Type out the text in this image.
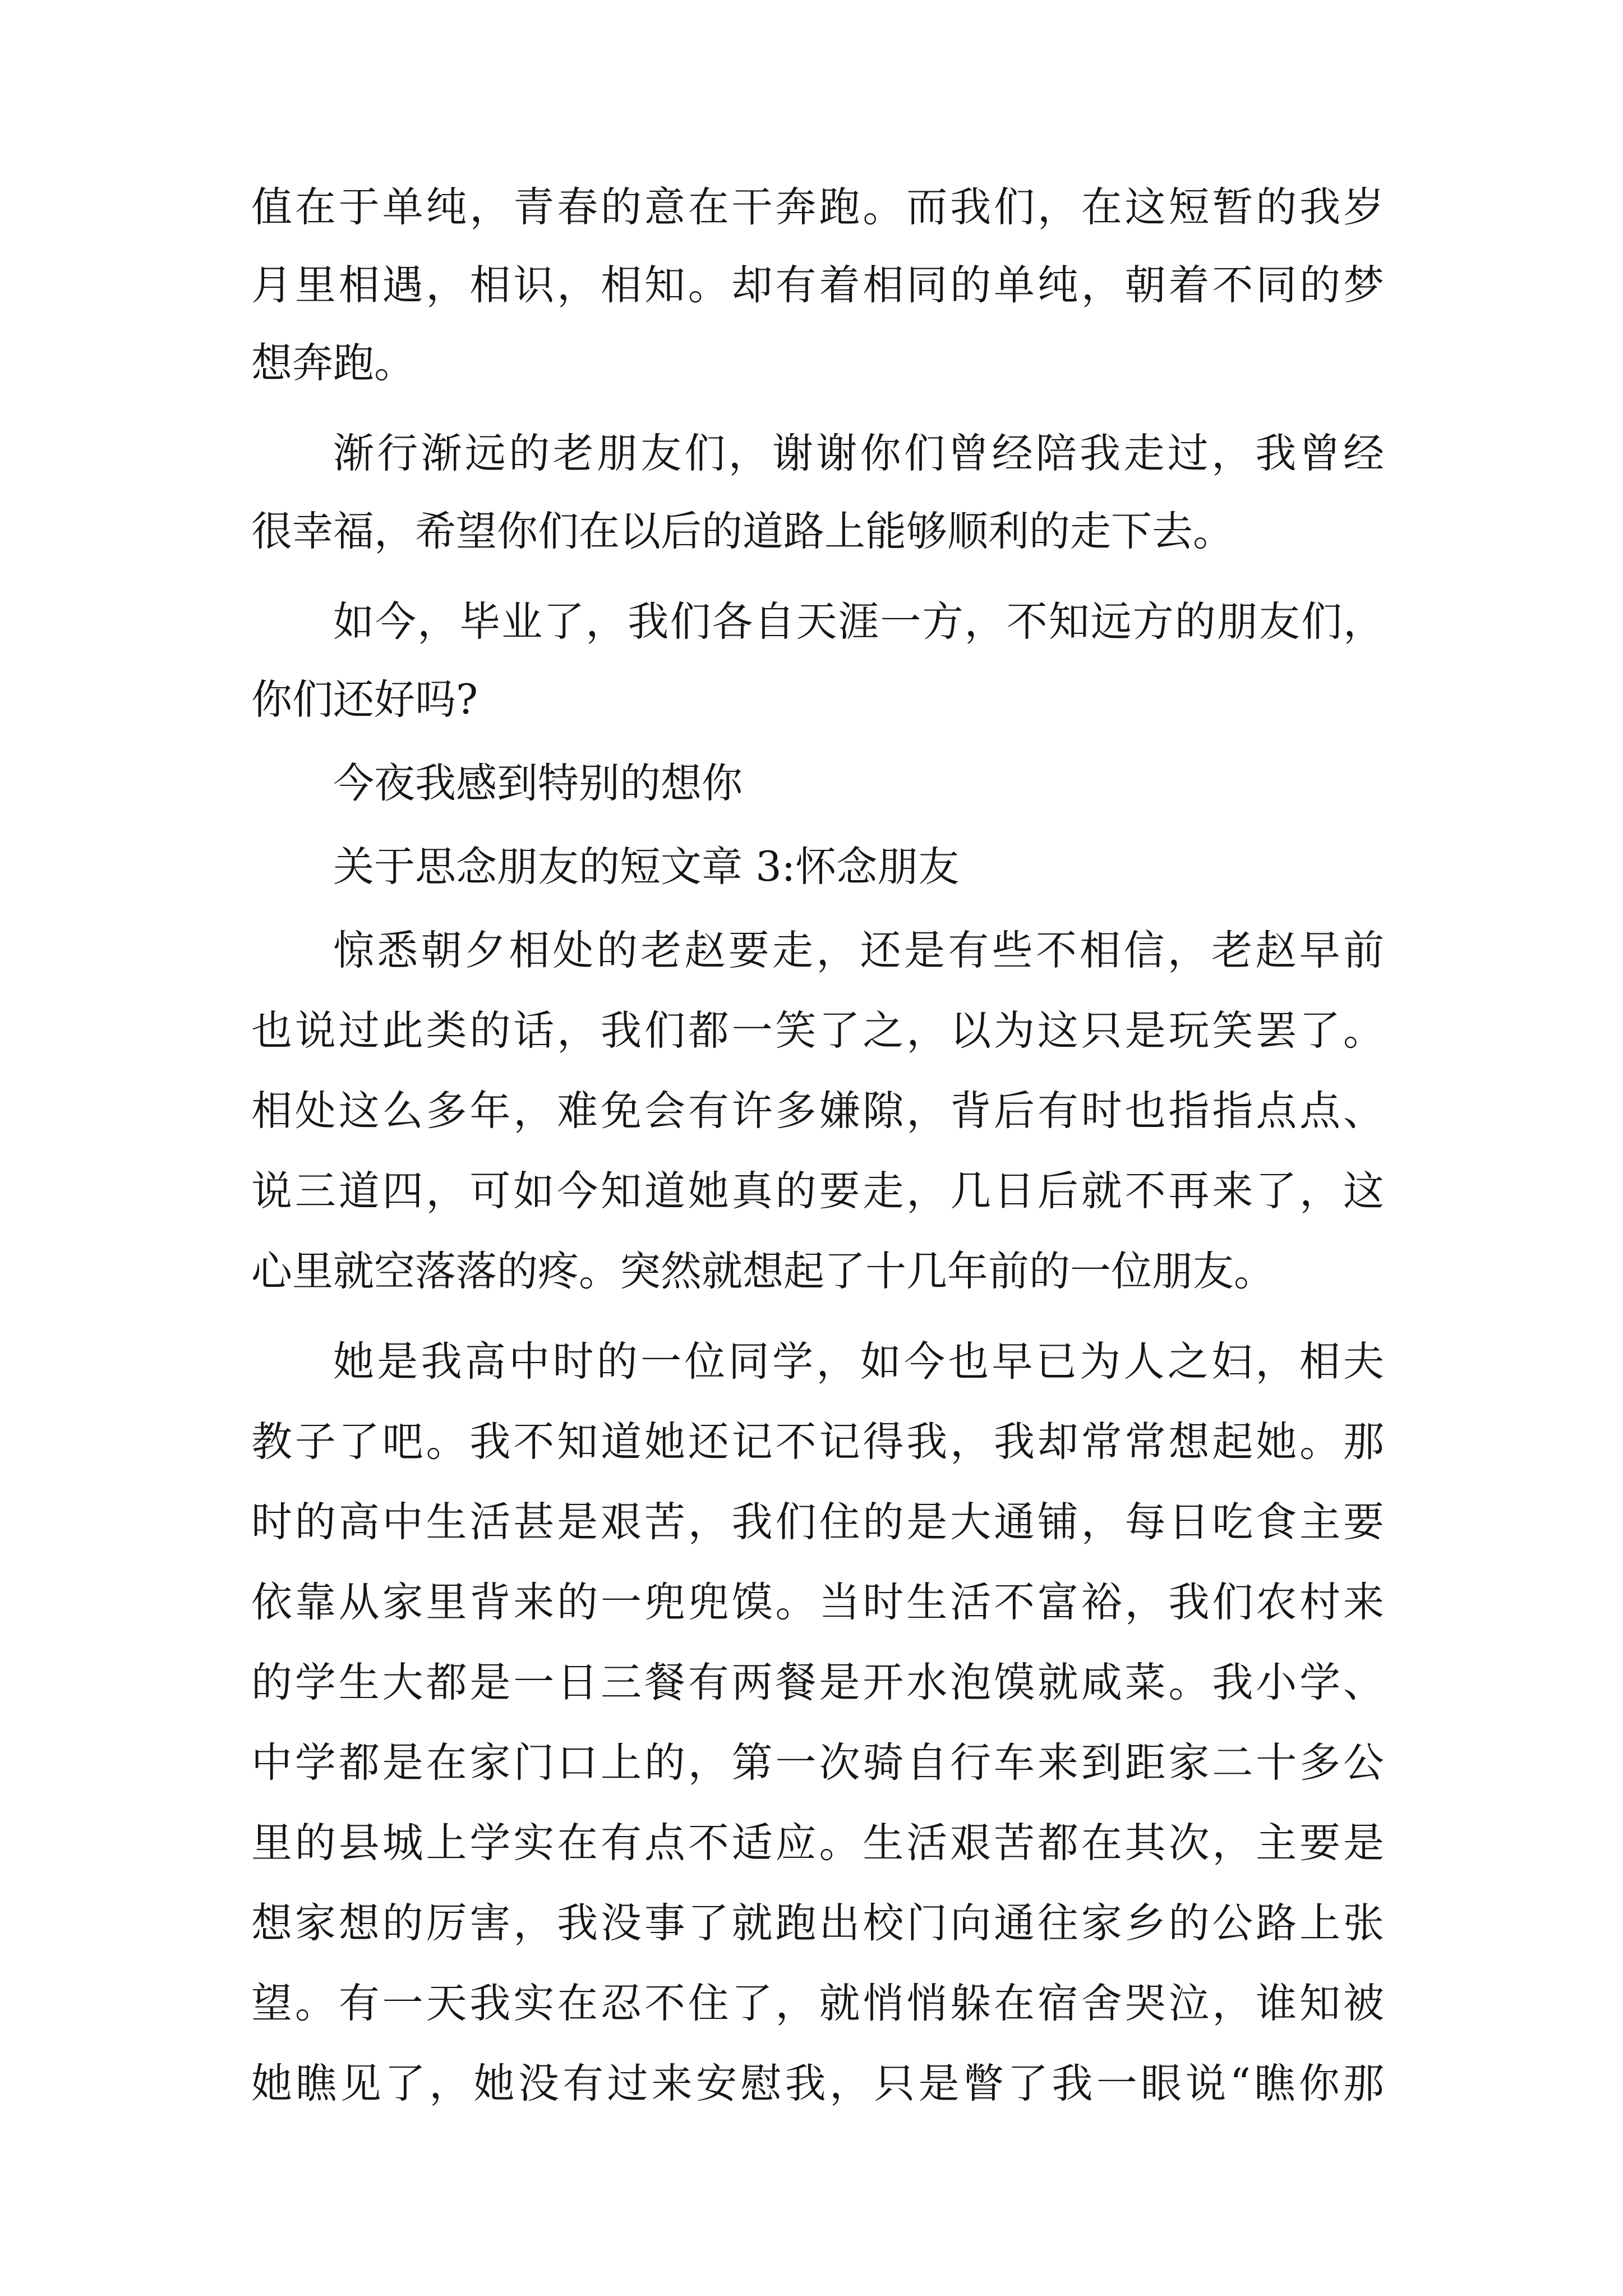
值在于单纯，青春的意在干奔跑。而我们，在这短暂的我岁
月里相遇，相识，相知。却有着相同的单纯，朝着不同的梦
想奔跑。
渐行渐远的老朋友们，谢谢你们曾经陪我走过，我曾经
很幸福，希望你们在以后的道路上能够顺利的走下去。
如今，毕业了，我们各自天涯一方，不知远方的朋友们，
你们还好吗?
今夜我感到特别的想你
关于思念朋友的短文章 3:怀念朋友
惊悉朝夕相处的老赵要走，还是有些不相信，老赵早前
也说过此类的话，我们都一笑了之，以为这只是玩笑罢了。
相处这么多年，难免会有许多嫌隙，背后有时也指指点点、
说三道四，可如今知道她真的要走，几日后就不再来了，这
心里就空落落的疼。突然就想起了十几年前的一位朋友。
她是我高中时的一位同学，如今也早已为人之妇，相夫
教子了吧。我不知道她还记不记得我，我却常常想起她。那
时的高中生活甚是艰苦，我们住的是大通铺，每日吃食主要
依靠从家里背来的一兜兜馍。当时生活不富裕，我们农村来
的学生大都是一日三餐有两餐是开水泡馍就咸菜。我小学、
中学都是在家门口上的，第一次骑自行车来到距家二十多公
里的县城上学实在有点不适应。生活艰苦都在其次，主要是
想家想的厉害，我没事了就跑出校门向通往家乡的公路上张
望。有一天我实在忍不住了，就悄悄躲在宿舍哭泣，谁知被
她瞧见了，她没有过来安慰我，只是瞥了我一眼说“瞧你那
